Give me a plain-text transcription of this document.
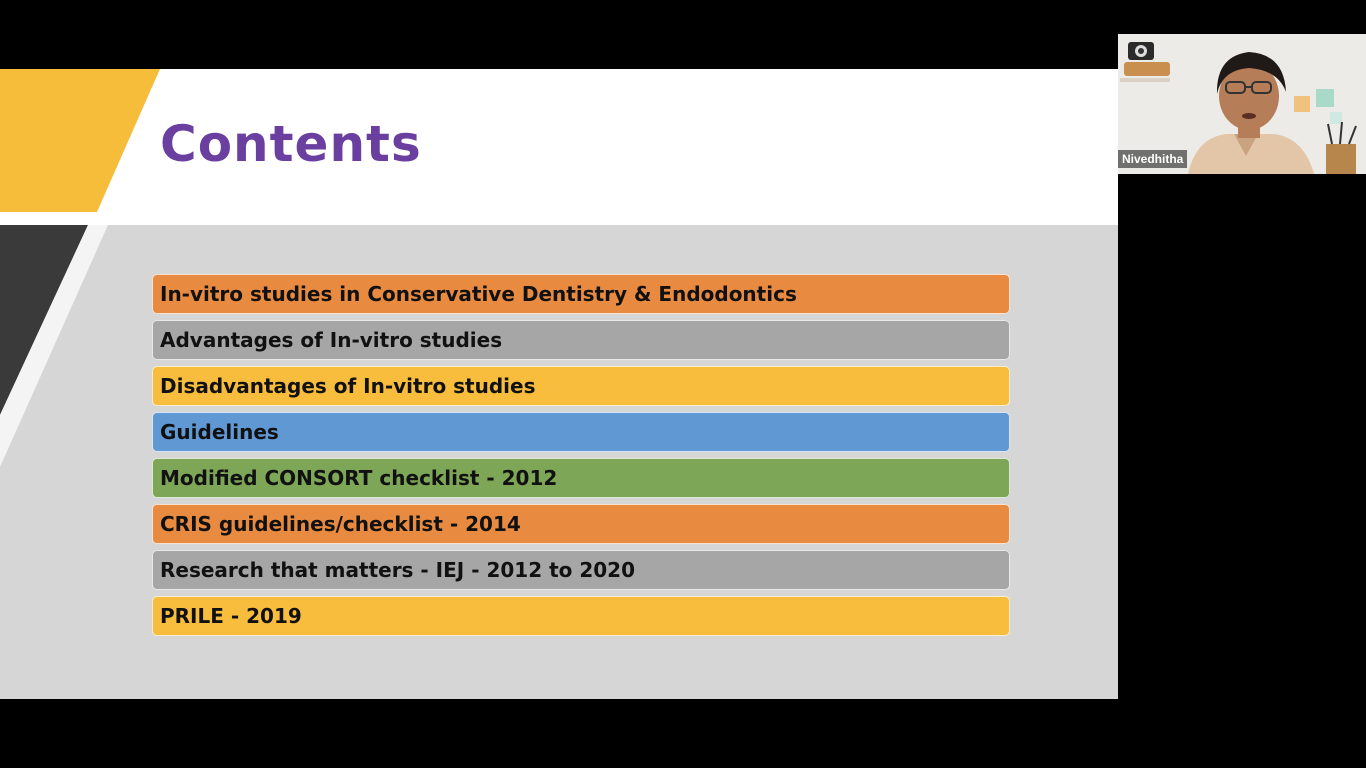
Contents
In-vitro studies in Conservative Dentistry & Endodontics
Advantages of In-vitro studies
Disadvantages of In-vitro studies
Guidelines
Modified CONSORT checklist - 2012
CRIS guidelines/checklist - 2014
Research that matters - IEJ - 2012 to 2020
PRILE - 2019
Nivedhitha
